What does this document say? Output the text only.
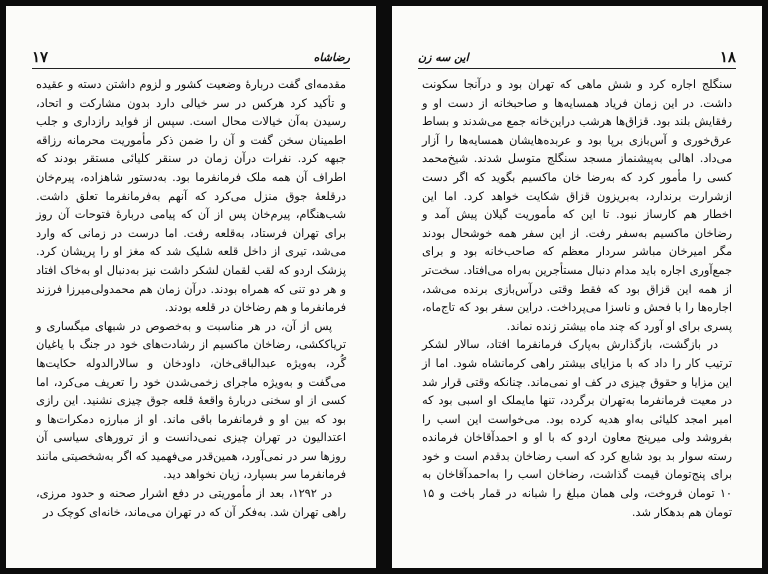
۱۷	رضاشاه

مقدمه‌ای گفت دربارهٔ وضعیت کشور و لزوم داشتن دسته و عقیده و تأکید کرد هرکس در سر خیالی دارد بدون مشارکت و اتحاد، رسیدن به‌آن خیالات محال است. سپس از فواید رازداری و جلب اطمینان سخن گفت و آن را ضمن ذکر مأموریت محرمانه رزاقه جبهه کرد. نفرات درآن زمان در سنقر کلیائی مستقر بودند که اطراف آن همه ملک فرمانفرما بود. به‌دستور شاهزاده، پیرم‌خان درقلعهٔ جوق منزل می‌کرد که آنهم به‌فرمانفرما تعلق داشت. شب‌هنگام، پیرم‌خان پس از آن که پیامی دربارهٔ فتوحات آن روز برای تهران فرستاد، به‌قلعه رفت. اما درست در زمانی که وارد می‌شد، تیری از داخل قلعه شلیک شد که مغز او را پریشان کرد. پزشک اردو که لقب لقمان لشکر داشت نیز به‌دنبال او به‌خاک افتاد و هر دو تنی که همراه بودند. درآن زمان هم محمدولی‌میرزا فرزند فرمانفرما و هم رضاخان در قلعه بودند.

پس از آن، در هر مناسبت و به‌خصوص در شبهای میگساری و تریاککشی، رضاخان ماکسیم از رشادت‌های خود در جنگ با یاغیان گُرد، به‌ویژه عبدالباقی‌خان، داودخان و سالارالدوله حکایت‌ها می‌گفت و به‌ویژه ماجرای زخمی‌شدن خود را تعریف می‌کرد، اما کسی از او سخنی دربارهٔ واقعهٔ قلعه جوق چیزی نشنید. این رازی بود که بین او و فرمانفرما باقی ماند. او از مبارزه دمکرات‌ها و اعتدالیون در تهران چیزی نمی‌دانست و از ترورهای سیاسی آن روزها سر در نمی‌آورد، همین‌قدر می‌فهمید که اگر به‌شخصیتی مانند فرمانفرما سر بسپارد، زیان نخواهد دید.

در ۱۲۹۲، بعد از مأموریتی در دفع اشرار صحنه و حدود مرزی، راهی تهران شد. به‌فکر آن که در تهران می‌ماند، خانه‌ای کوچک در

این سه زن	۱۸

سنگلج اجاره کرد و شش ماهی که تهران بود و درآنجا سکونت داشت. در این زمان فریاد همسایه‌ها و صاحبخانه از دست او و رفقایش بلند بود. قزاق‌ها هرشب دراین‌خانه جمع می‌شدند و بساط عرق‌خوری و آس‌بازی برپا بود و عربده‌هایشان همسایه‌ها را آزار می‌داد. اهالی به‌پیشنماز مسجد سنگلج متوسل شدند. شیخ‌محمد کسی را مأمور کرد که به‌رضا خان ماکسیم بگوید که اگر دست ازشرارت برندارد، به‌بریزون قزاق شکایت خواهد کرد. اما این اخطار هم کارساز نبود. تا این که مأموریت گیلان پیش آمد و رضاخان ماکسیم به‌سفر رفت. از این سفر همه خوشحال بودند مگر امیرخان مباشر سردار معظم که صاحب‌خانه بود و برای جمع‌آوری اجاره باید مدام دنبال مستأجرین به‌راه می‌افتاد. سخت‌تر از همه این قزاق بود که فقط وقتی درآس‌بازی برنده می‌شد، اجاره‌ها را با فحش و ناسزا می‌پرداخت. دراین سفر بود که تاج‌ماه، پسری برای او آورد که چند ماه بیشتر زنده نماند.

در بازگشت، بازگذارش به‌پارک فرمانفرما افتاد، سالار لشکر ترتیب کار را داد که با مزایای بیشتر راهی کرمانشاه شود. اما از این مزایا و حقوق چیزی در کف او نمی‌ماند. چنانکه وقتی قرار شد در معیت فرمانفرما به‌تهران برگردد، تنها مایملک او اسبی بود که امیر امجد کلیائی به‌او هدیه کرده بود. می‌خواست این اسب را بفروشد ولی میرپنج معاون اردو که با او و احمدآقاخان فرمانده رسته سوار بد بود شایع کرد که اسب رضاخان بدقدم است و خود برای پنج‌تومان قیمت گذاشت، رضاخان اسب را به‌احمدآقاخان به ۱۰ تومان فروخت، ولی همان مبلغ را شبانه در قمار باخت و ۱۵ تومان هم بدهکار شد.
